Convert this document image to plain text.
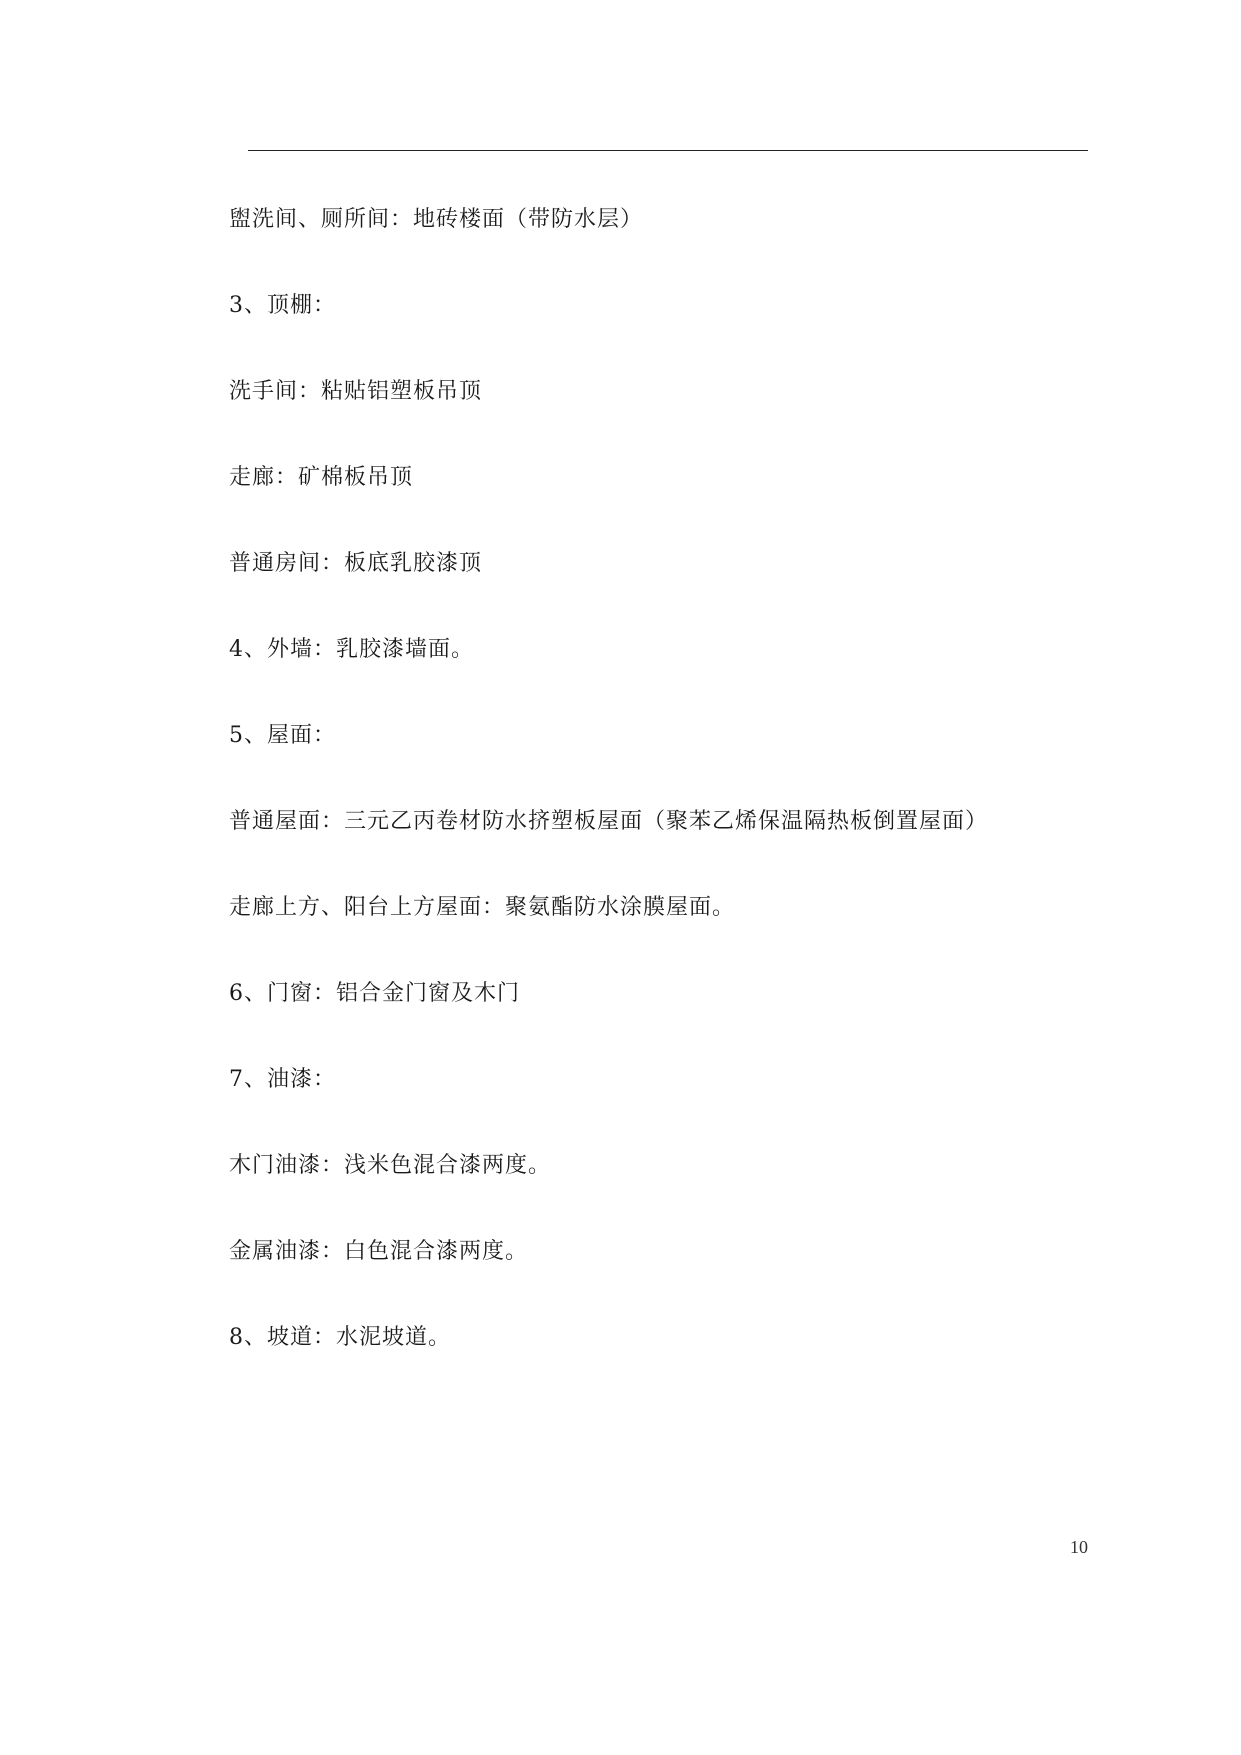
盥洗间、厕所间：地砖楼面（带防水层）

3、顶棚：

洗手间：粘贴铝塑板吊顶

走廊：矿棉板吊顶

普通房间：板底乳胶漆顶

4、外墙：乳胶漆墙面。

5、屋面：

普通屋面：三元乙丙卷材防水挤塑板屋面（聚苯乙烯保温隔热板倒置屋面）

走廊上方、阳台上方屋面：聚氨酯防水涂膜屋面。

6、门窗：铝合金门窗及木门

7、油漆：

木门油漆：浅米色混合漆两度。

金属油漆：白色混合漆两度。

8、坡道：水泥坡道。

10
